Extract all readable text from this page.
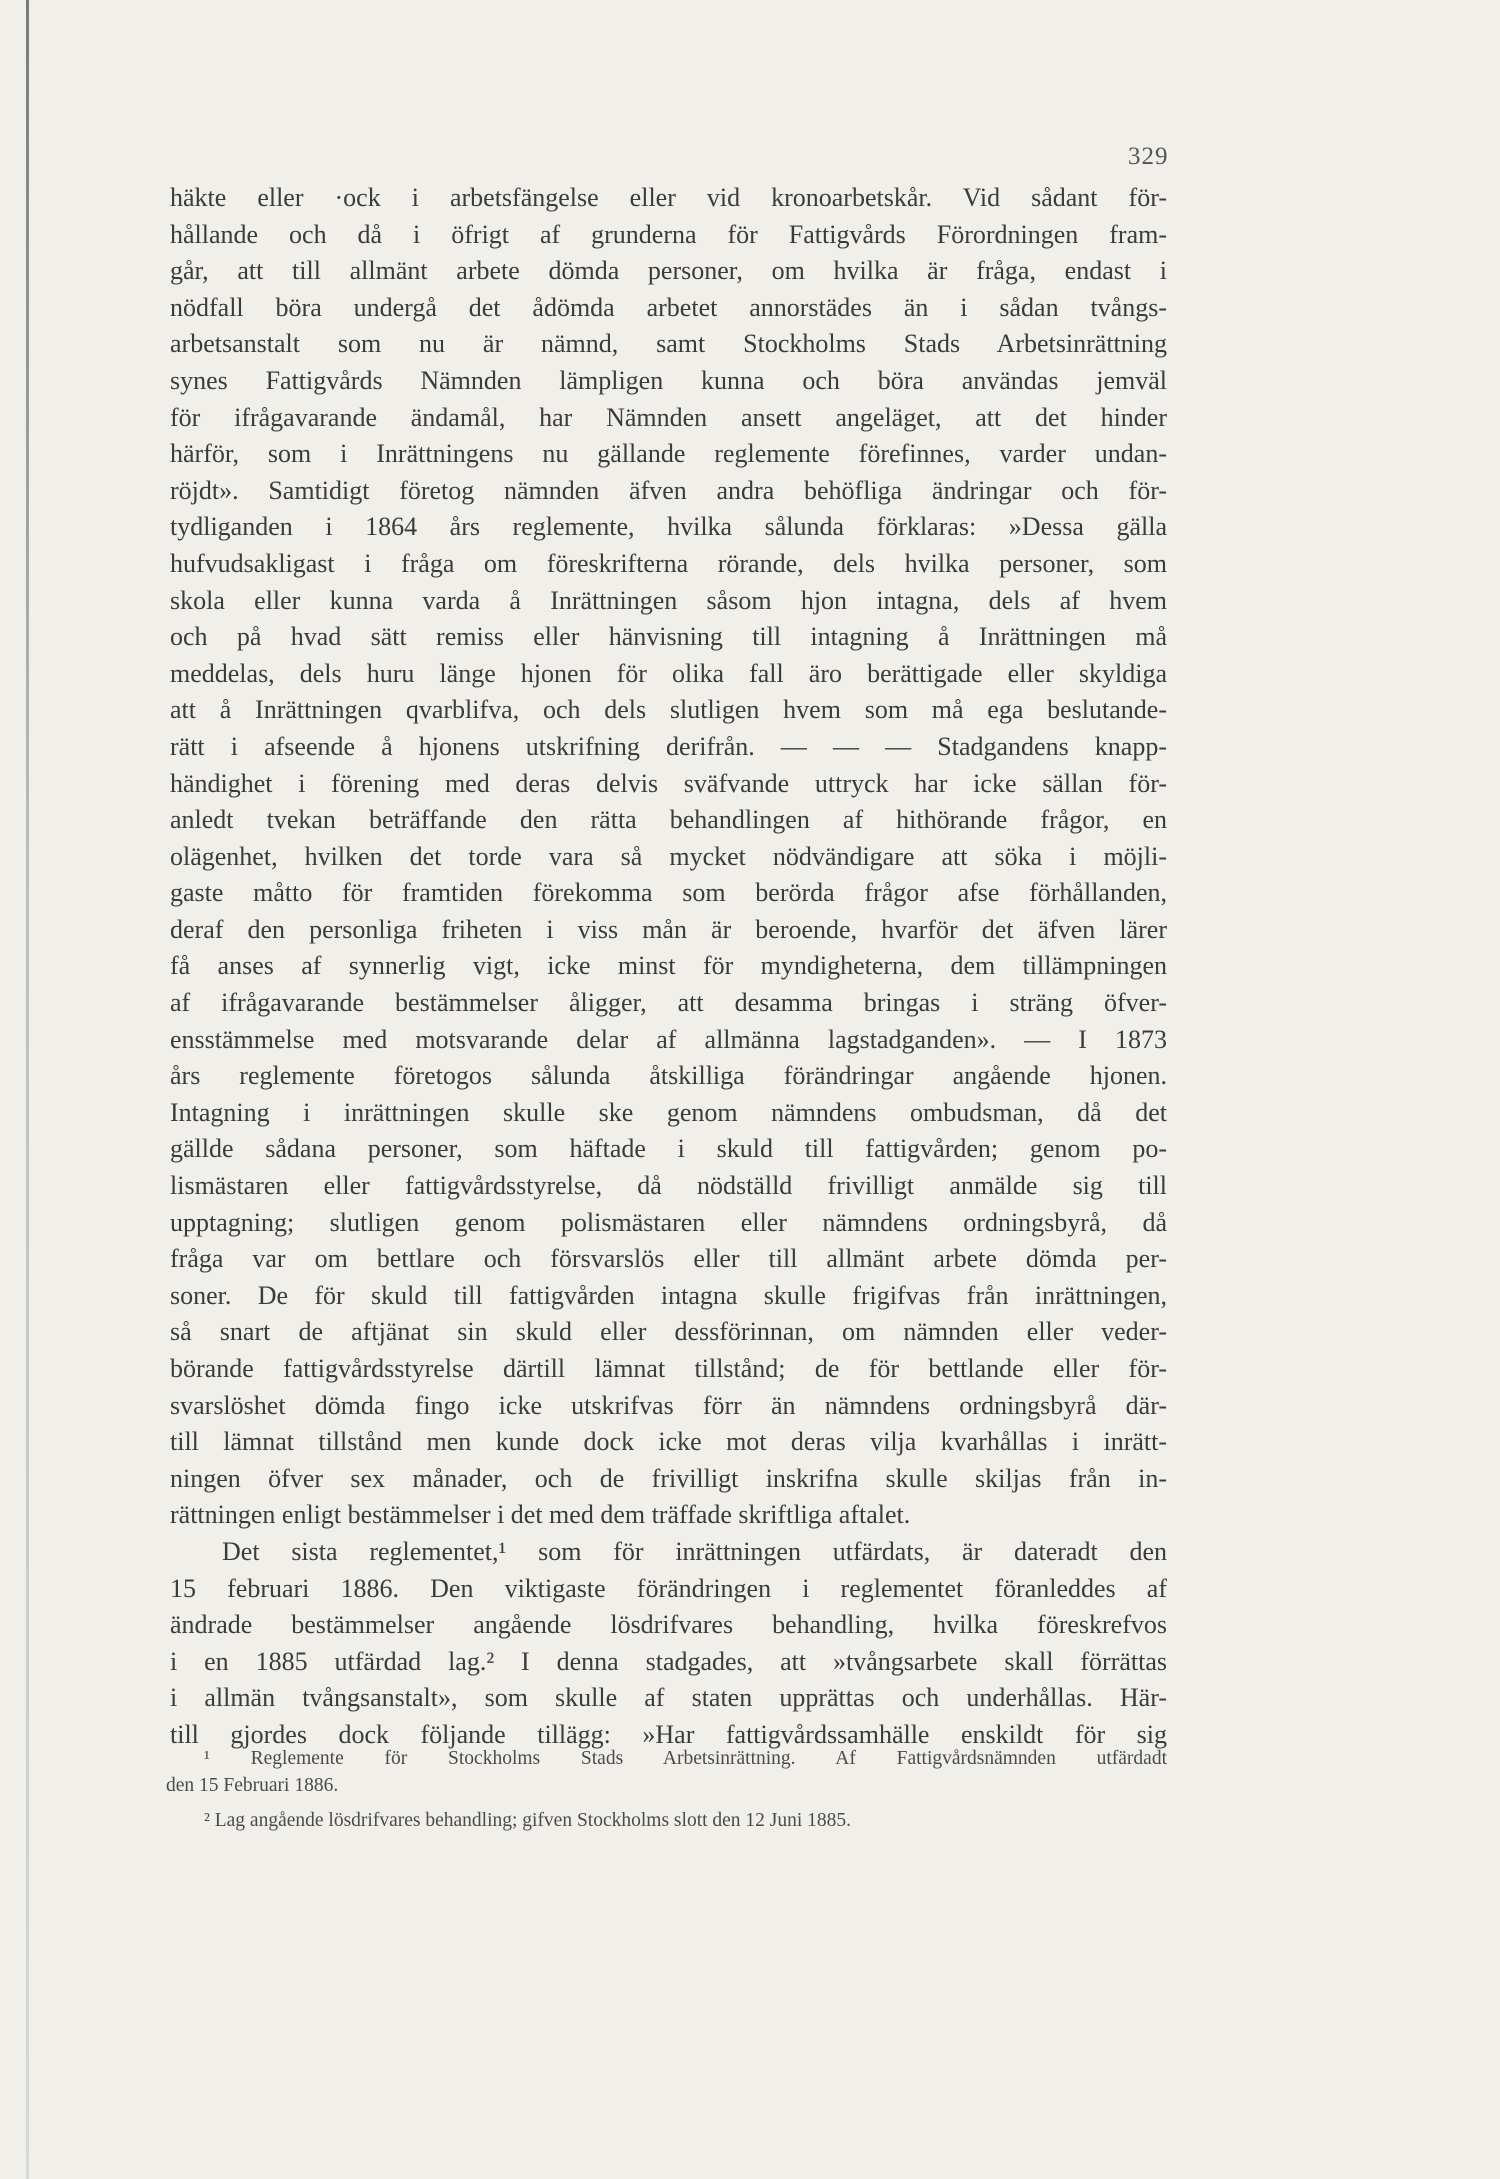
329
häkte eller ·ock i arbetsfängelse eller vid kronoarbetskår. Vid sådant för-
hållande och då i öfrigt af grunderna för Fattigvårds Förordningen fram-
går, att till allmänt arbete dömda personer, om hvilka är fråga, endast i
nödfall böra undergå det ådömda arbetet annorstädes än i sådan tvångs-
arbetsanstalt som nu är nämnd, samt Stockholms Stads Arbetsinrättning
synes Fattigvårds Nämnden lämpligen kunna och böra användas jemväl
för ifrågavarande ändamål, har Nämnden ansett angeläget, att det hinder
härför, som i Inrättningens nu gällande reglemente förefinnes, varder undan-
röjdt». Samtidigt företog nämnden äfven andra behöfliga ändringar och för-
tydliganden i 1864 års reglemente, hvilka sålunda förklaras: »Dessa gälla
hufvudsakligast i fråga om föreskrifterna rörande, dels hvilka personer, som
skola eller kunna varda å Inrättningen såsom hjon intagna, dels af hvem
och på hvad sätt remiss eller hänvisning till intagning å Inrättningen må
meddelas, dels huru länge hjonen för olika fall äro berättigade eller skyldiga
att å Inrättningen qvarblifva, och dels slutligen hvem som må ega beslutande-
rätt i afseende å hjonens utskrifning derifrån. — — — Stadgandens knapp-
händighet i förening med deras delvis sväfvande uttryck har icke sällan för-
anledt tvekan beträffande den rätta behandlingen af hithörande frågor, en
olägenhet, hvilken det torde vara så mycket nödvändigare att söka i möjli-
gaste måtto för framtiden förekomma som berörda frågor afse förhållanden,
deraf den personliga friheten i viss mån är beroende, hvarför det äfven lärer
få anses af synnerlig vigt, icke minst för myndigheterna, dem tillämpningen
af ifrågavarande bestämmelser åligger, att desamma bringas i sträng öfver-
ensstämmelse med motsvarande delar af allmänna lagstadganden». — I 1873
års reglemente företogos sålunda åtskilliga förändringar angående hjonen.
Intagning i inrättningen skulle ske genom nämndens ombudsman, då det
gällde sådana personer, som häftade i skuld till fattigvården; genom po-
lismästaren eller fattigvårdsstyrelse, då nödställd frivilligt anmälde sig till
upptagning; slutligen genom polismästaren eller nämndens ordningsbyrå, då
fråga var om bettlare och försvarslös eller till allmänt arbete dömda per-
soner. De för skuld till fattigvården intagna skulle frigifvas från inrättningen,
så snart de aftjänat sin skuld eller dessförinnan, om nämnden eller veder-
börande fattigvårdsstyrelse därtill lämnat tillstånd; de för bettlande eller för-
svarslöshet dömda fingo icke utskrifvas förr än nämndens ordningsbyrå där-
till lämnat tillstånd men kunde dock icke mot deras vilja kvarhållas i inrätt-
ningen öfver sex månader, och de frivilligt inskrifna skulle skiljas från in-
rättningen enligt bestämmelser i det med dem träffade skriftliga aftalet.
Det sista reglementet,¹ som för inrättningen utfärdats, är dateradt den
15 februari 1886. Den viktigaste förändringen i reglementet föranleddes af
ändrade bestämmelser angående lösdrifvares behandling, hvilka föreskrefvos
i en 1885 utfärdad lag.² I denna stadgades, att »tvångsarbete skall förrättas
i allmän tvångsanstalt», som skulle af staten upprättas och underhållas. Här-
till gjordes dock följande tillägg: »Har fattigvårdssamhälle enskildt för sig
¹ Reglemente för Stockholms Stads Arbetsinrättning. Af Fattigvårdsnämnden utfärdadt
den 15 Februari 1886.
² Lag angående lösdrifvares behandling; gifven Stockholms slott den 12 Juni 1885.
